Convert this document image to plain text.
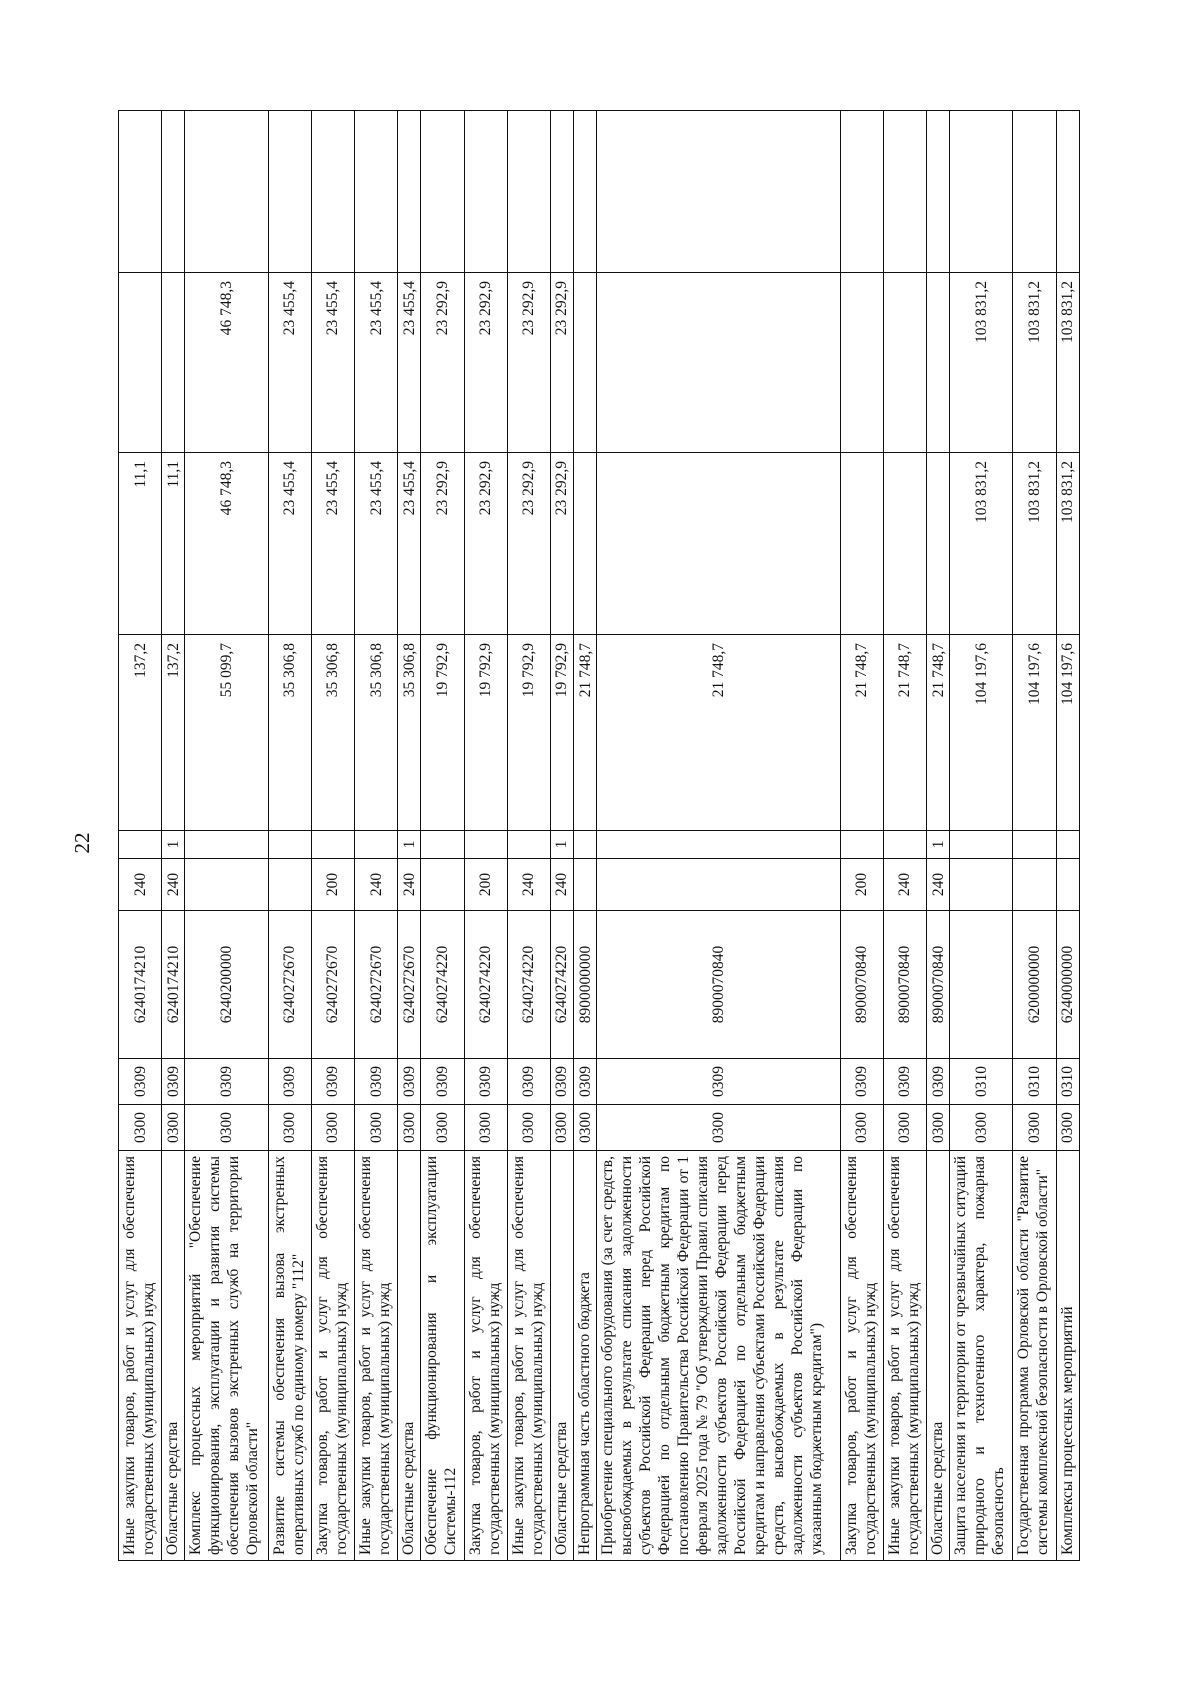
22
Иные закупки товаров, работ и услуг для обеспечения государственных (муниципальных) нужд	0300	0309	6240174210	240		137,2	11,1		
Областные средства	0300	0309	6240174210	240	1	137,2	11,1		
Комплекс процессных мероприятий "Обеспечение функционирования, эксплуатации и развития системы обеспечения вызовов экстренных служб на территории Орловской области"	0300	0309	6240200000			55 099,7	46 748,3	46 748,3	
Развитие системы обеспечения вызова экстренных оперативных служб по единому номеру "112"	0300	0309	6240272670			35 306,8	23 455,4	23 455,4	
Закупка товаров, работ и услуг для обеспечения государственных (муниципальных) нужд	0300	0309	6240272670	200		35 306,8	23 455,4	23 455,4	
Иные закупки товаров, работ и услуг для обеспечения государственных (муниципальных) нужд	0300	0309	6240272670	240		35 306,8	23 455,4	23 455,4	
Областные средства	0300	0309	6240272670	240	1	35 306,8	23 455,4	23 455,4	
Обеспечение функционирования и эксплуатации Системы-112	0300	0309	6240274220			19 792,9	23 292,9	23 292,9	
Закупка товаров, работ и услуг для обеспечения государственных (муниципальных) нужд	0300	0309	6240274220	200		19 792,9	23 292,9	23 292,9	
Иные закупки товаров, работ и услуг для обеспечения государственных (муниципальных) нужд	0300	0309	6240274220	240		19 792,9	23 292,9	23 292,9	
Областные средства	0300	0309	6240274220	240	1	19 792,9	23 292,9	23 292,9	
Непрограммная часть областного бюджета	0300	0309	8900000000			21 748,7			
Приобретение специального оборудования (за счет средств, высвобождаемых в результате списания задолженности субъектов Российской Федерации перед Российской Федерацией по отдельным бюджетным кредитам по постановлению Правительства Российской Федерации от 1 февраля 2025 года № 79 "Об утверждении Правил списания задолженности субъектов Российской Федерации перед Российской Федерацией по отдельным бюджетным кредитам и направления субъектами Российской Федерации средств, высвобождаемых в результате списания задолженности субъектов Российской Федерации по указанным бюджетным кредитам")	0300	0309	8900070840			21 748,7			
Закупка товаров, работ и услуг для обеспечения государственных (муниципальных) нужд	0300	0309	8900070840	200		21 748,7			
Иные закупки товаров, работ и услуг для обеспечения государственных (муниципальных) нужд	0300	0309	8900070840	240		21 748,7			
Областные средства	0300	0309	8900070840	240	1	21 748,7			
Защита населения и территории от чрезвычайных ситуаций природного и техногенного характера, пожарная безопасность	0300	0310				104 197,6	103 831,2	103 831,2	
Государственная программа Орловской области "Развитие системы комплексной безопасности в Орловской области"	0300	0310	6200000000			104 197,6	103 831,2	103 831,2	
Комплексы процессных мероприятий	0300	0310	6240000000			104 197,6	103 831,2	103 831,2	
